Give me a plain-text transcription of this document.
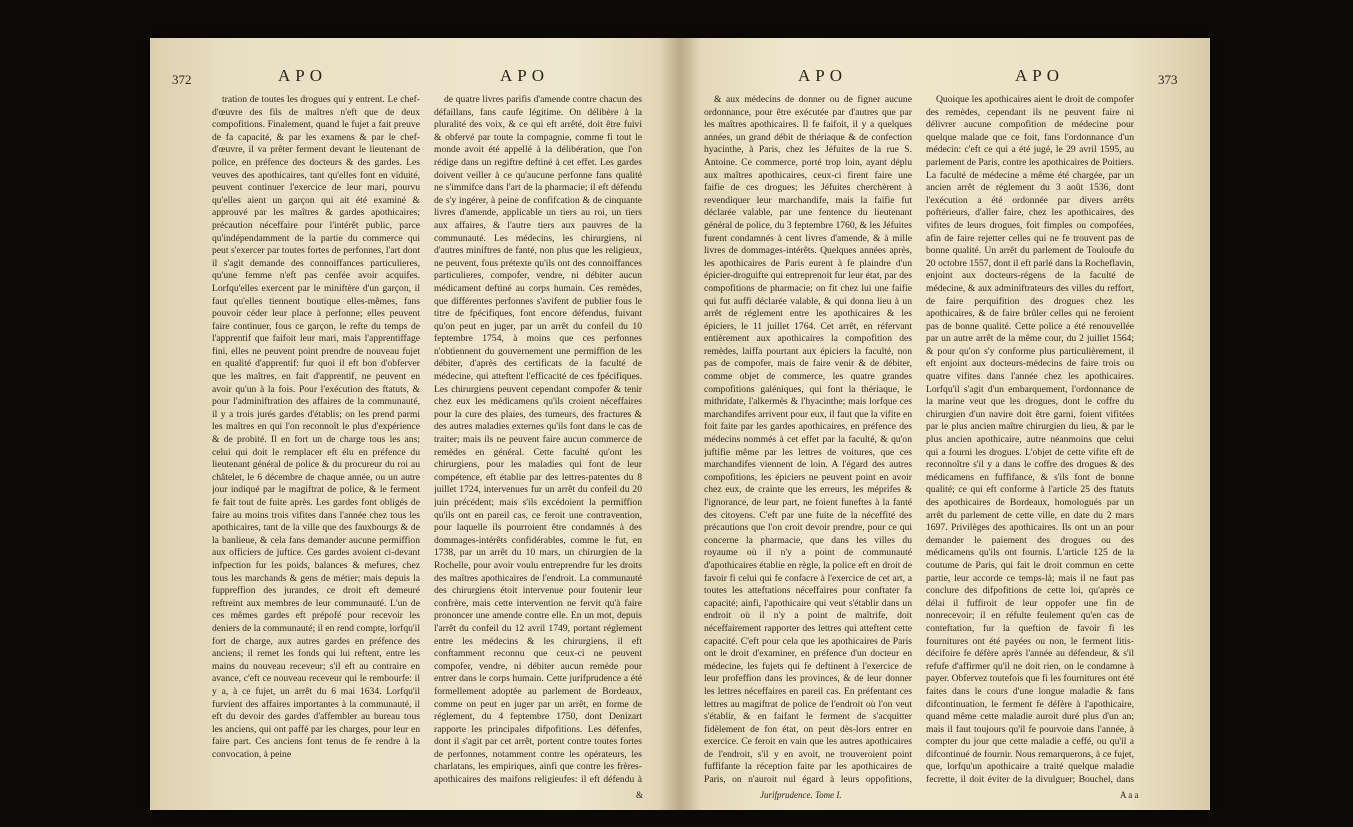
372	APO	APO

tration de toutes les drogues qui y entrent. Le chef-d'œuvre des fils de maîtres n'eft que de deux compofitions. Finalement, quand le fujet a fait preuve de fa capacité, & par les examens & par le chef-d'œuvre, il va prêter ferment devant le lieutenant de police, en préfence des docteurs & des gardes. Les veuves des apothicaires, tant qu'elles font en viduité, peuvent continuer l'exercice de leur mari, pourvu qu'elles aient un garçon qui ait été examiné & approuvé par les maîtres & gardes apothicaires; précaution néceffaire pour l'intérêt public, parce qu'indépendamment de la partie du commerce qui peut s'exercer par toutes fortes de perfonnes, l'art dont il s'agit demande des connoiffances particulieres, qu'une femme n'eft pas cenfée avoir acquifes. Lorfqu'elles exercent par le miniftère d'un garçon, il faut qu'elles tiennent boutique elles-mêmes, fans pouvoir céder leur place à perfonne; elles peuvent faire continuer, fous ce garçon, le refte du temps de l'apprentif que faifoit leur mari, mais l'apprentiffage fini, elles ne peuvent point prendre de nouveau fujet en qualité d'apprentif: fur quoi il eft bon d'obferver que les maîtres, en fait d'apprentif, ne peuvent en avoir qu'un à la fois. Pour l'exécution des ftatuts, & pour l'adminiftration des affaires de la communauté, il y a trois jurés gardes d'établis; on les prend parmi les maîtres en qui l'on reconnoît le plus d'expérience & de probité. Il en fort un de charge tous les ans; celui qui doit le remplacer eft élu en préfence du lieutenant général de police & du procureur du roi au châtelet, le 6 décembre de chaque année, ou un autre jour indiqué par le magiftrat de police, & le ferment fe fait tout de fuite après. Les gardes font obligés de faire au moins trois vifites dans l'année chez tous les apothicaires, tant de la ville que des fauxbourgs & de la banlieue, & cela fans demander aucune permiffion aux officiers de juftice. Ces gardes avoient ci-devant infpection fur les poids, balances & mefures, chez tous les marchands & gens de métier; mais depuis la fuppreffion des jurandes, ce droit eft demeuré reftreint aux membres de leur communauté. L'un de ces mêmes gardes eft prépofé pour recevoir les deniers de la communauté; il en rend compte, lorfqu'il fort de charge, aux autres gardes en préfence des anciens; il remet les fonds qui lui reftent, entre les mains du nouveau receveur; s'il eft au contraire en avance, c'eft ce nouveau receveur qui le rembourfe: il y a, à ce fujet, un arrêt du 6 mai 1634. Lorfqu'il furvient des affaires importantes à la communauté, il eft du devoir des gardes d'affembler au bureau tous les anciens, qui ont paffé par les charges, pour leur en faire part. Ces anciens font tenus de fe rendre à la convocation, à peine

de quatre livres parifis d'amende contre chacun des défaillans, fans caufe légitime. On délibère à la pluralité des voix, & ce qui eft arrêté, doit être fuivi & obfervé par toute la compagnie, comme fi tout le monde avoit été appellé à la délibération, que l'on rédige dans un regiftre deftiné à cet effet. Les gardes doivent veiller à ce qu'aucune perfonne fans qualité ne s'immifce dans l'art de la pharmacie; il eft défendu de s'y ingérer, à peine de confifcation & de cinquante livres d'amende, applicable un tiers au roi, un tiers aux affaires, & l'autre tiers aux pauvres de la communauté. Les médecins, les chirurgiens, ni d'autres miniftres de fanté, non plus que les religieux, ne peuvent, fous prétexte qu'ils ont des connoiffances particulieres, compofer, vendre, ni débiter aucun médicament deftiné au corps humain. Ces remèdes, que différentes perfonnes s'avifent de publier fous le titre de fpécifiques, font encore défendus, fuivant qu'on peut en juger, par un arrêt du confeil du 10 feptembre 1754, à moins que ces perfonnes n'obtiennent du gouvernement une permiffion de les débiter, d'après des certificats de la faculté de médecine, qui atteftent l'efficacité de ces fpécifiques. Les chirurgiens peuvent cependant compofer & tenir chez eux les médicamens qu'ils croient néceffaires pour la cure des plaies, des tumeurs, des fractures & des autres maladies externes qu'ils font dans le cas de traiter; mais ils ne peuvent faire aucun commerce de remèdes en général. Cette faculté qu'ont les chirurgiens, pour les maladies qui font de leur compétence, eft établie par des lettres-patentes du 8 juillet 1724, intervenues fur un arrêt du confeil du 20 juin précédent; mais s'ils excédoient la permiffion qu'ils ont en pareil cas, ce feroit une contravention, pour laquelle ils pourroient être condamnés à des dommages-intérêts confidérables, comme le fut, en 1738, par un arrêt du 10 mars, un chirurgien de la Rochelle, pour avoir voulu entreprendre fur les droits des maîtres apothicaires de l'endroit. La communauté des chirurgiens étoit intervenue pour foutenir leur confrère, mais cette intervention ne fervit qu'à faire prononcer une amende contre elle. En un mot, depuis l'arrêt du confeil du 12 avril 1749, portant réglement entre les médecins & les chirurgiens, il eft conftamment reconnu que ceux-ci ne peuvent compofer, vendre, ni débiter aucun remède pour entrer dans le corps humain. Cette jurifprudence a été formellement adoptée au parlement de Bordeaux, comme on peut en juger par un arrêt, en forme de réglement, du 4 feptembre 1750, dont Denizart rapporte les principales difpofitions. Les défenfes, dont il s'agit par cet arrêt, portent contre toutes fortes de perfonnes, notamment contre les opérateurs, les charlatans, les empiriques, ainfi que contre les frères-apothicaires des maifons religieufes: il eft défendu à

&
APO	APO	373

& aux médecins de donner ou de figner aucune ordonnance, pour être exécutée par d'autres que par les maîtres apothicaires. Il fe faifoit, il y a quelques années, un grand débit de thériaque & de confection hyacinthe, à Paris, chez les Jéfuites de la rue S. Antoine. Ce commerce, porté trop loin, ayant déplu aux maîtres apothicaires, ceux-ci firent faire une faifie de ces drogues; les Jéfuites cherchèrent à revendiquer leur marchandife, mais la faifie fut déclarée valable, par une fentence du lieutenant général de police, du 3 feptembre 1760, & les Jéfuites furent condamnés à cent livres d'amende, & à mille livres de dommages-intérêts. Quelques années après, les apothicaires de Paris eurent à fe plaindre d'un épicier-droguifte qui entreprenoit fur leur état, par des compofitions de pharmacie; on fit chez lui une faifie qui fut auffi déclarée valable, & qui donna lieu à un arrêt de réglement entre les apothicaires & les épiciers, le 11 juillet 1764. Cet arrêt, en réfervant entièrement aux apothicaires la compofition des remèdes, laiffa pourtant aux épiciers la faculté, non pas de compofer, mais de faire venir & de débiter, comme objet de commerce, les quatre grandes compofitions galéniques, qui font la thériaque, le mithridate, l'alkermès & l'hyacinthe; mais lorfque ces marchandifes arrivent pour eux, il faut que la vifite en foit faite par les gardes apothicaires, en préfence des médecins nommés à cet effet par la faculté, & qu'on juftifie même par les lettres de voitures, que ces marchandifes viennent de loin. A l'égard des autres compofitions, les épiciers ne peuvent point en avoir chez eux, de crainte que les erreurs, les méprifes & l'ignorance, de leur part, ne foient funeftes à la fanté des citoyens. C'eft par une fuite de la néceffité des précautions que l'on croit devoir prendre, pour ce qui concerne la pharmacie, que dans les villes du royaume où il n'y a point de communauté d'apothicaires établie en règle, la police eft en droit de favoir fi celui qui fe confacre à l'exercice de cet art, a toutes les atteftations néceffaires pour conftater fa capacité; ainfi, l'apothicaire qui veut s'établir dans un endroit où il n'y a point de maîtrife, doit néceffairement rapporter des lettres qui atteftent cette capacité. C'eft pour cela que les apothicaires de Paris ont le droit d'examiner, en préfence d'un docteur en médecine, les fujets qui fe deftinent à l'exercice de leur profeffion dans les provinces, & de leur donner les lettres néceffaires en pareil cas. En préfentant ces lettres au magiftrat de police de l'endroit où l'on veut s'établir, & en faifant le ferment de s'acquitter fidèlement de fon état, on peut dès-lors entrer en exercice. Ce feroit en vain que les autres apothicaires de l'endroit, s'il y en avoit, ne trouveroient point fuffifante la réception faite par les apothicaires de Paris, on n'auroit nul égard à leurs oppofitions,

Quoique les apothicaires aient le droit de compofer des remèdes, cependant ils ne peuvent faire ni délivrer aucune compofition de médecine pour quelque malade que ce foit, fans l'ordonnance d'un médecin: c'eft ce qui a été jugé, le 29 avril 1595, au parlement de Paris, contre les apothicaires de Poitiers. La faculté de médecine a même été chargée, par un ancien arrêt de réglement du 3 août 1536, dont l'exécution a été ordonnée par divers arrêts poftérieurs, d'aller faire, chez les apothicaires, des vifites de leurs drogues, foit fimples ou compofées, afin de faire rejetter celles qui ne fe trouvent pas de bonne qualité. Un arrêt du parlement de Touloufe du 20 octobre 1557, dont il eft parlé dans la Rocheflavin, enjoint aux docteurs-régens de la faculté de médecine, & aux adminiftrateurs des villes du reffort, de faire perquifition des drogues chez les apothicaires, & de faire brûler celles qui ne feroient pas de bonne qualité. Cette police a été renouvellée par un autre arrêt de la même cour, du 2 juillet 1564; & pour qu'on s'y conforme plus particulièrement, il eft enjoint aux docteurs-médecins de faire trois ou quatre vifites dans l'année chez les apothicaires. Lorfqu'il s'agit d'un embarquement, l'ordonnance de la marine veut que les drogues, dont le coffre du chirurgien d'un navire doit être garni, foient vifitées par le plus ancien maître chirurgien du lieu, & par le plus ancien apothicaire, autre néanmoins que celui qui a fourni les drogues. L'objet de cette vifite eft de reconnoître s'il y a dans le coffre des drogues & des médicamens en fuffifance, & s'ils font de bonne qualité; ce qui eft conforme à l'article 25 des ftatuts des apothicaires de Bordeaux, homologués par un arrêt du parlement de cette ville, en date du 2 mars 1697. Privilèges des apothicaires. Ils ont un an pour demander le paiement des drogues ou des médicamens qu'ils ont fournis. L'article 125 de la coutume de Paris, qui fait le droit commun en cette partie, leur accorde ce temps-là; mais il ne faut pas conclure des difpofitions de cette loi, qu'après ce délai il fuffiroit de leur oppofer une fin de nonrecevoir; il en réfulte feulement qu'en cas de conteftation, fur la queftion de favoir fi les fournitures ont été payées ou non, le ferment litis-décifoire fe défère après l'année au défendeur, & s'il refufe d'affirmer qu'il ne doit rien, on le condamne à payer. Obfervez toutefois que fi les fournitures ont été faites dans le cours d'une longue maladie & fans difcontinuation, le ferment fe défère à l'apothicaire, quand même cette maladie auroit duré plus d'un an; mais il faut toujours qu'il fe pourvoie dans l'année, à compter du jour que cette maladie a ceffé, ou qu'il a difcontinué de fournir. Nous remarquerons, à ce fujet, que, lorfqu'un apothicaire a traité quelque maladie fecrette, il doit éviter de la divulguer; Bouchel, dans

Jurifprudence. Tome I.	A a a
